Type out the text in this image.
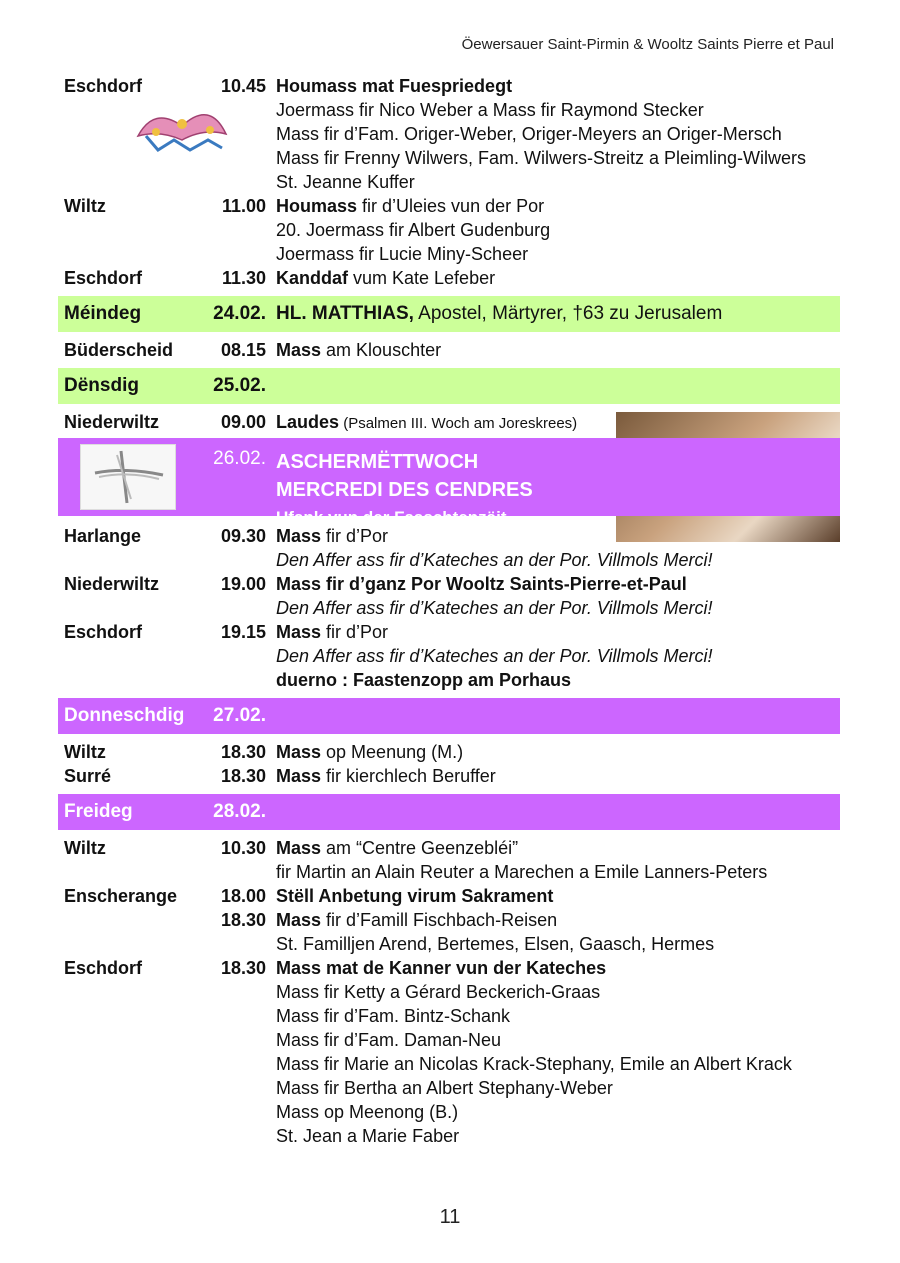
Öewersauer Saint-Pirmin & Wooltz Saints Pierre et Paul
Eschdorf	10.45 Houmass mat Fuespriedegt
Joermass fir Nico Weber a Mass fir Raymond Stecker
Mass fir d’Fam. Origer-Weber, Origer-Meyers an Origer-Mersch
Mass fir Frenny Wilwers, Fam. Wilwers-Streitz a Pleimling-Wilwers
St. Jeanne Kuffer
Wiltz	11.00 Houmass fir d’Uleies vun der Por
20. Joermass fir Albert Gudenburg
Joermass fir Lucie Miny-Scheer
Eschdorf	11.30 Kanddaf vum Kate Lefeber
Méindeg	24.02. HL. MATTHIAS, Apostel, Märtyrer, †63 zu Jerusalem
Büderscheid	08.15 Mass am Klouschter
Dënsdig	25.02.
Niederwiltz	09.00 Laudes (Psalmen III. Woch am Joreskrees)
26.02. ASCHERMËTTWOCH
MERCREDI DES CENDRES
Ufank vun der Faaschtenzäit
Harlange	09.30 Mass fir d’Por
Den Affer ass fir d’Kateches an der Por. Villmols Merci!
Niederwiltz	19.00 Mass fir d’ganz Por Wooltz Saints-Pierre-et-Paul
Den Affer ass fir d’Kateches an der Por. Villmols Merci!
Eschdorf	19.15 Mass fir d’Por
Den Affer ass fir d’Kateches an der Por. Villmols Merci!
duerno : Faastenzopp am Porhaus
Donneschdig	27.02.
Wiltz	18.30 Mass op Meenung (M.)
Surré	18.30 Mass fir kierchlech Beruffer
Freideg	28.02.
Wiltz	10.30 Mass am “Centre Geenzebléi”
fir Martin an Alain Reuter a Marechen a Emile Lanners-Peters
Enscherange	18.00 Stëll Anbetung virum Sakrament
18.30 Mass fir d’Famill Fischbach-Reisen
St. Familljen Arend, Bertemes, Elsen, Gaasch, Hermes
Eschdorf	18.30 Mass mat de Kanner vun der Kateches
Mass fir Ketty a Gérard Beckerich-Graas
Mass fir d’Fam. Bintz-Schank
Mass fir d’Fam. Daman-Neu
Mass fir Marie an Nicolas Krack-Stephany, Emile an Albert Krack
Mass fir Bertha an Albert Stephany-Weber
Mass op Meenong (B.)
St. Jean a Marie Faber
11
